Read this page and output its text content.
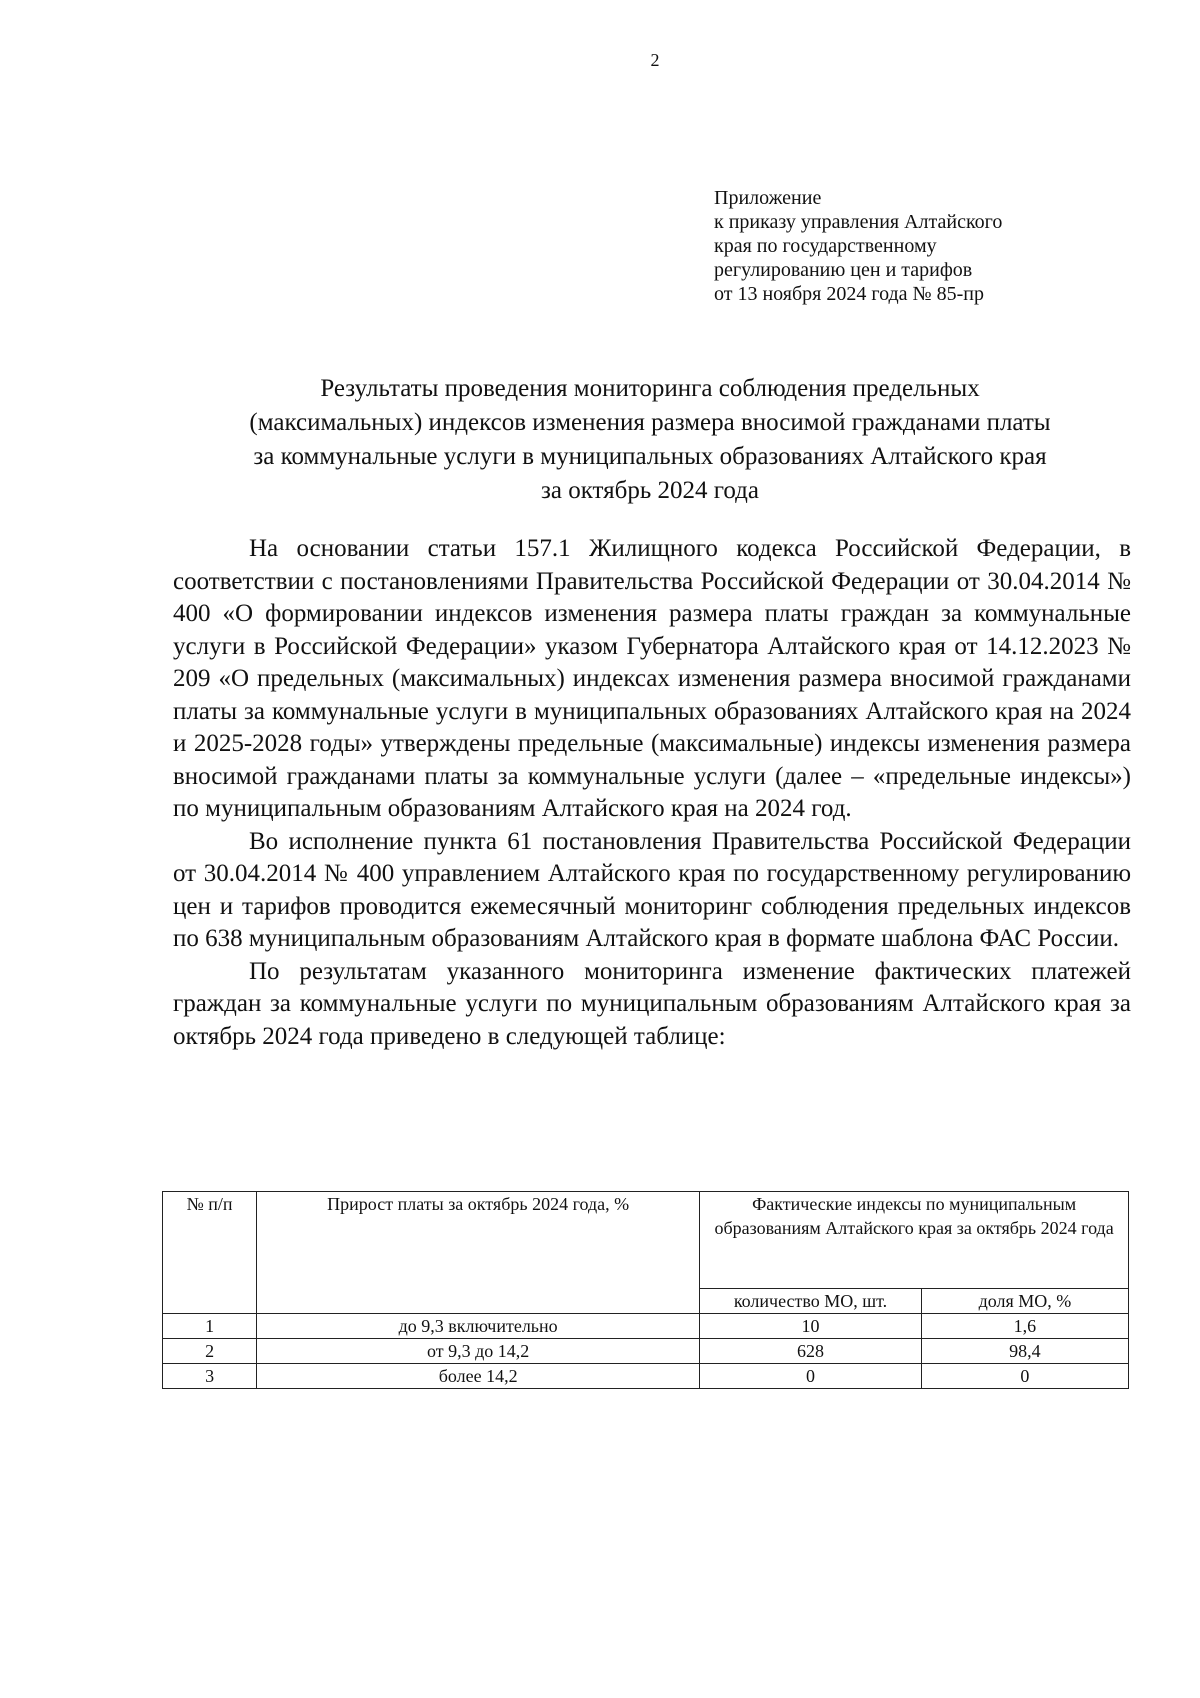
2
Приложение
к приказу управления Алтайского
края по государственному
регулированию цен и тарифов
от 13 ноября 2024 года № 85-пр
Результаты проведения мониторинга соблюдения предельных
(максимальных) индексов изменения размера вносимой гражданами платы
за коммунальные услуги в муниципальных образованиях Алтайского края
за октябрь 2024 года

На основании статьи 157.1 Жилищного кодекса Российской Федерации, в соответствии с постановлениями Правительства Российской Федерации от 30.04.2014 № 400 «О формировании индексов изменения размера платы граждан за коммунальные услуги в Российской Федерации» указом Губернатора Алтайского края от 14.12.2023 № 209 «О предельных (максимальных) индексах изменения размера вносимой гражданами платы за коммунальные услуги в муниципальных образованиях Алтайского края на 2024 и 2025-2028 годы» утверждены предельные (максимальные) индексы изменения размера вносимой гражданами платы за коммунальные услуги (далее – «предельные индексы») по муниципальным образованиям Алтайского края на 2024 год.

Во исполнение пункта 61 постановления Правительства Российской Федерации от 30.04.2014 № 400 управлением Алтайского края по государственному регулированию цен и тарифов проводится ежемесячный мониторинг соблюдения предельных индексов по 638 муниципальным образованиям Алтайского края в формате шаблона ФАС России.

По результатам указанного мониторинга изменение фактических платежей граждан за коммунальные услуги по муниципальным образованиям Алтайского края за октябрь 2024 года приведено в следующей таблице:

№ п/п	Прирост платы за октябрь 2024 года, %	Фактические индексы по муниципальным образованиям Алтайского края за октябрь 2024 года	
		количество МО, шт.	доля МО, %
1	до 9,3 включительно	10	1,6
2	от 9,3 до 14,2	628	98,4
3	более 14,2	0	0
